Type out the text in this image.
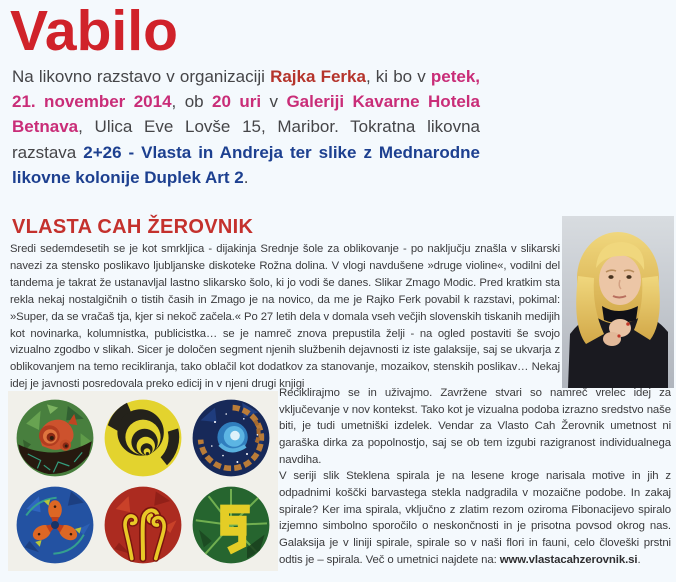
Vabilo

Na likovno razstavo v organizaciji Rajka Ferka, ki bo v petek, 21. november 2014, ob 20 uri v Galeriji Kavarne Hotela Betnava, Ulica Eve Lovše 15, Maribor. Tokratna likovna razstava 2+26 - Vlasta in Andreja ter slike z Mednarodne likovne kolonije Duplek Art 2.

VLASTA CAH ŽEROVNIK

Sredi sedemdesetih se je kot smrkljica - dijakinja Srednje šole za oblikovanje - po naključju znašla v slikarski navezi za stensko poslikavo ljubljanske diskoteke Rožna dolina. V vlogi navdušene »druge violine«, vodilni del tandema je takrat že ustanavljal lastno slikarsko šolo, ki jo vodi še danes. Slikar Zmago Modic. Pred kratkim sta rekla nekaj nostalgičnih o tistih časih in Zmago je na novico, da me je Rajko Ferk povabil k razstavi, pokimal: »Super, da se vračaš tja, kjer si nekoč začela.« Po 27 letih dela v domala vseh večjih slovenskih tiskanih medijih kot novinarka, kolumnistka, publicistka… se je namreč znova prepustila želji - na ogled postaviti še svojo vizualno zgodbo v slikah. Sicer je določen segment njenih službenih dejavnosti iz iste galaksije, saj se ukvarja z oblikovanjem na temo recikliranja, tako oblačil kot dodatkov za stanovanje, mozaikov, stenskih poslikav… Nekaj idej je javnosti posredovala preko edicij in v njeni drugi knjigi

Reciklirajmo se in uživajmo. Zavržene stvari so namreč vrelec idej za vključevanje v nov kontekst. Tako kot je vizualna podoba izrazno sredstvo naše biti, je tudi umetniški izdelek. Vendar za Vlasto Cah Žerovnik umetnost ni garaška dirka za popolnostjo, saj se ob tem izgubi razigranost individualnega navdiha.
V seriji slik Steklena spirala je na lesene kroge narisala motive in jih z odpadnimi koščki barvastega stekla nadgradila v mozaične podobe. In zakaj spirale? Ker ima spirala, vključno z zlatim rezom oziroma Fibonacijevo spiralo izjemno simbolno sporočilo o neskončnosti in je prisotna povsod okrog nas. Galaksija je v liniji spirale, spirale so v naši flori in fauni, celo človeški prstni odtis je – spirala. Več o umetnici najdete na: www.vlastacahzerovnik.si.
